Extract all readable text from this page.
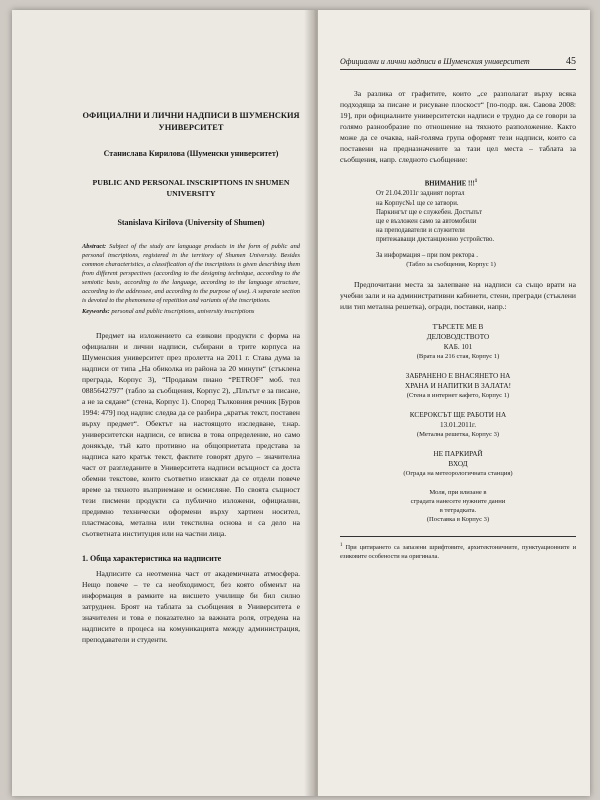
ОФИЦИАЛНИ И ЛИЧНИ НАДПИСИ В ШУМЕНСКИЯ
УНИВЕРСИТЕТ
Станислава Кирилова (Шуменски университет)
PUBLIC AND PERSONAL INSCRIPTIONS IN SHUMEN UNIVERSITY
Stanislava Kirilova (University of Shumen)
Abstract: Subject of the study are language products in the form of public and personal inscriptions, registered in the territory of Shumen University. Besides common characteristics, a classification of the inscriptions is given describing them from different perspectives (according to the designing technique, according to the semiotic basis, according to the language, according to the language structure, according to the addressee, and according to the purpose of use). A separate section is devoted to the phenomena of repetition and variants of the inscriptions.
Keywords: personal and public inscriptions, university inscriptions

Предмет на изложението са езикови продукти с форма на официални и лични надписи, събирани в трите корпуса на Шуменския университет през пролетта на 2011 г. Става дума за надписи от типа „На обиколка из района за 20 минути“ (стъклена преграда, Корпус 3), “Продавам пиано “PETROF” моб. тел 0885642797” (табло за съобщения, Корпус 2), „Плътът е за писане, а не за сядане“ (стена, Корпус 1). Според Тълковния речник [Буров 1994: 479] под надпис следва да се разбира „кратък текст, поставен върху предмет“. Обектът на настоящото изследване, т.нар. университетски надписи, се вписва в това определение, но само донякъде, тъй като противно на общоприетата представа за надписа като кратък текст, фактите говорят друго – значителна част от разгледаните в Университета надписи всъщност са доста обемни текстове, които съответно изискват да се отдели повече време за тяхното възприемане и осмисляне. По своята същност тези писмени продукти са публично изложени, официални, предимно технически оформени върху хартиен носител, пластмасова, метална или текстилна основа и са дело на съответната институция или на частни лица.

1. Обща характеристика на надписите

Надписите са неотменна част от академичната атмосфера. Нещо повече – те са необходимост, без която обменът на информация в рамките на висшето училище би бил силно затруднен. Броят на таблата за съобщения в Университета е значителен и това е показателно за важната роля, отредена на надписите в процеса на комуникацията между администрация, преподаватели и студенти.

Официални и лични надписи в Шуменския университет	45

За разлика от графитите, които „се разполагат върху всяка подходяща за писане и рисуване плоскост“ [по-подр. вж. Савова 2008: 19], при официалните университетски надписи е трудно да се говори за голямо разнообразие по отношение на тяхното разположение. Както може да се очаква, най-голяма група оформят тези надписи, които са поставени на предназначените за тази цел места – таблата за съобщения, напр. следното съобщение:

ВНИМАНИЕ !!!$^1$
От 21.04.2011г задният портал
на Корпус№1 ще се затвори.
Паркингът ще е служебен. Достъпът
ще е възложен само за автомобили
на преподаватели и служители
притежаващи дистанционно устройство.
За информация – при пом ректора .
(Табло за съобщения, Корпус 1)

Предпочитани места за залепване на надписи са също врати на учебни зали и на административни кабинети, стени, прегради (стъклени или тип метална решетка), огради, поставки, напр.:

ТЪРСЕТЕ МЕ В
ДЕЛОВОДСТВОТО
КАБ. 101
(Врата на 216 стая, Корпус 1)
ЗАБРАНЕНО Е ВНАСЯНЕТО НА
ХРАНА И НАПИТКИ В ЗАЛАТА!
(Стена в интернет кафето, Корпус 1)
КСЕРОКСЪТ ЩЕ РАБОТИ НА
13.01.2011г.
(Метална решетка, Корпус 3)
НЕ ПАРКИРАЙ
ВХОД
(Ограда на метеорологичната станция)
Моля, при влизане в
сградата нанесете нужните данни
в тетрадката.
(Поставка в Корпус 3)
$^1$ При цитирането са запазени шрифтовите, архитектоничните, пунктуационните и езиковите особености на оригинала.
